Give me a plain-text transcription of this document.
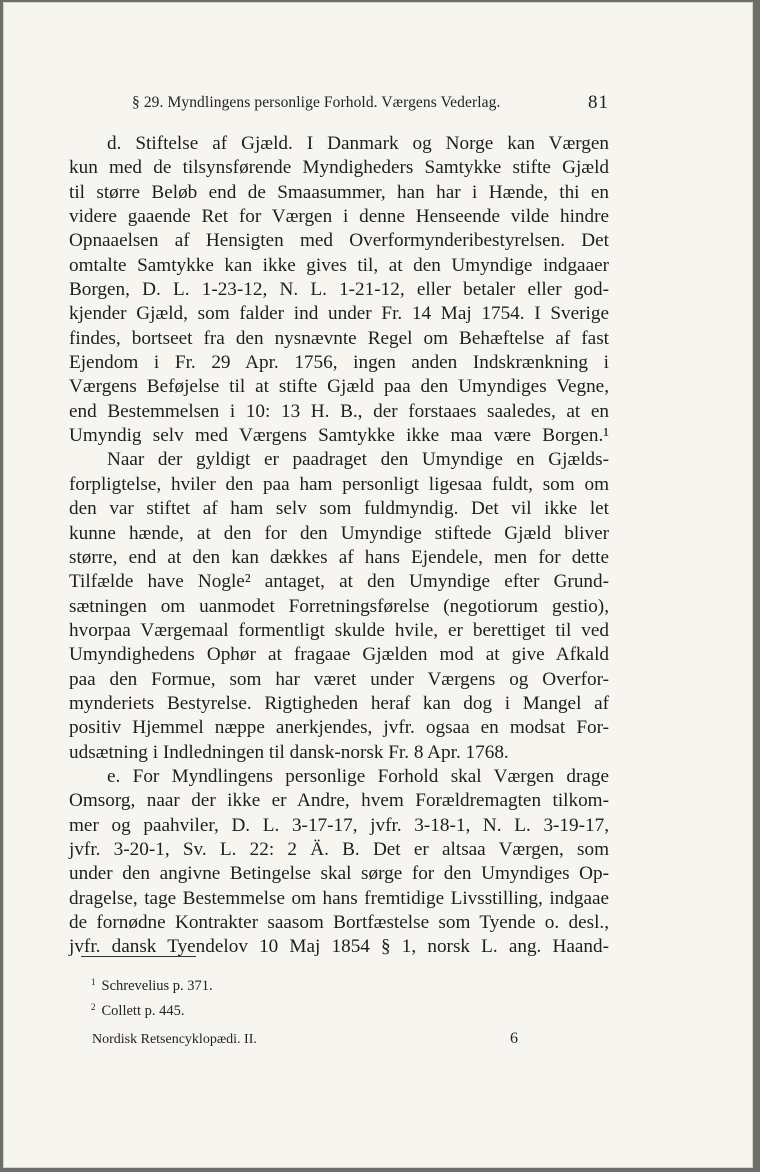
§ 29. Myndlingens personlige Forhold. Værgens Vederlag.	81
d. Stiftelse af Gjæld. I Danmark og Norge kan Værgen
kun med de tilsynsførende Myndigheders Samtykke stifte Gjæld
til større Beløb end de Smaasummer, han har i Hænde, thi en
videre gaaende Ret for Værgen i denne Henseende vilde hindre
Opnaaelsen af Hensigten med Overformynderibestyrelsen. Det
omtalte Samtykke kan ikke gives til, at den Umyndige indgaaer
Borgen, D. L. 1-23-12, N. L. 1-21-12, eller betaler eller god-
kjender Gjæld, som falder ind under Fr. 14 Maj 1754. I Sverige
findes, bortseet fra den nysnævnte Regel om Behæftelse af fast
Ejendom i Fr. 29 Apr. 1756, ingen anden Indskrænkning i
Værgens Beføjelse til at stifte Gjæld paa den Umyndiges Vegne,
end Bestemmelsen i 10: 13 H. B., der forstaaes saaledes, at en
Umyndig selv med Værgens Samtykke ikke maa være Borgen.¹
Naar der gyldigt er paadraget den Umyndige en Gjælds-
forpligtelse, hviler den paa ham personligt ligesaa fuldt, som om
den var stiftet af ham selv som fuldmyndig. Det vil ikke let
kunne hænde, at den for den Umyndige stiftede Gjæld bliver
større, end at den kan dækkes af hans Ejendele, men for dette
Tilfælde have Nogle² antaget, at den Umyndige efter Grund-
sætningen om uanmodet Forretningsførelse (negotiorum gestio),
hvorpaa Værgemaal formentligt skulde hvile, er berettiget til ved
Umyndighedens Ophør at fragaae Gjælden mod at give Afkald
paa den Formue, som har været under Værgens og Overfor-
mynderiets Bestyrelse. Rigtigheden heraf kan dog i Mangel af
positiv Hjemmel næppe anerkjendes, jvfr. ogsaa en modsat For-
udsætning i Indledningen til dansk-norsk Fr. 8 Apr. 1768.
e. For Myndlingens personlige Forhold skal Værgen drage
Omsorg, naar der ikke er Andre, hvem Forældremagten tilkom-
mer og paahviler, D. L. 3-17-17, jvfr. 3-18-1, N. L. 3-19-17,
jvfr. 3-20-1, Sv. L. 22: 2 Ä. B. Det er altsaa Værgen, som
under den angivne Betingelse skal sørge for den Umyndiges Op-
dragelse, tage Bestemmelse om hans fremtidige Livsstilling, indgaae
de fornødne Kontrakter saasom Bortfæstelse som Tyende o. desl.,
jvfr. dansk Tyendelov 10 Maj 1854 § 1, norsk L. ang. Haand-
$^1$ Schrevelius p. 371.
$^2$ Collett p. 445.
Nordisk Retsencyklopædi. II.	6
